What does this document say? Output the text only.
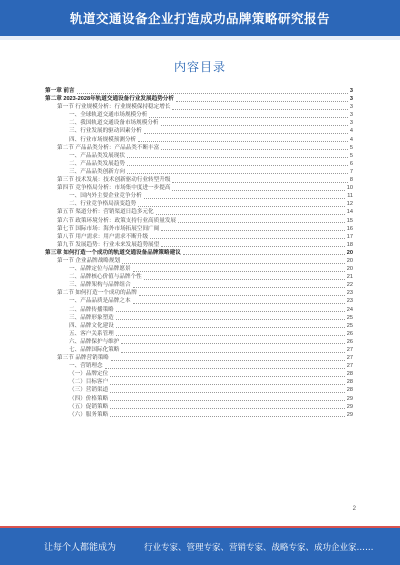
轨道交通设备企业打造成功品牌策略研究报告
内容目录
第一章 前言	3
第二章 2023-2028年轨道交通设备行业发展趋势分析	3
第一节 行业规模分析：行业规模保持稳定增长	3
一、全球轨道交通市场规模分析	3
二、我国轨道交通设备市场规模分析	3
三、行业发展的驱动因素分析	4
四、行业市场规模预测分析	4
第二节 产品品类分析：产品品类不断丰富	5
一、产品品类发展现状	5
二、产品品类发展趋势	6
三、产品品类创新方向	7
第三节 技术发展：技术创新驱动行业转型升级	8
第四节 竞争格局分析：市场集中度进一步提高	10
一、国内外主要企业竞争分析	11
二、行业竞争格局演变趋势	12
第五节 渠道分析：营销渠道日趋多元化	14
第六节 政策环境分析：政策支持行业高质量发展	15
第七节 国际市场：海外市场拓展空间广阔	16
第八节 用户需求：用户需求不断升级	17
第九节 发展趋势：行业未来发展趋势展望	18
第三章 如何打造一个成功的轨道交通设备品牌策略建议	20
第一节 企业品牌战略规划	20
一、品牌定位与品牌愿景	20
二、品牌核心价值与品牌个性	21
三、品牌架构与品牌组合	22
第二节 如何打造一个成功的品牌	23
一、产品品质是品牌之本	23
二、品牌传播策略	24
三、品牌形象塑造	25
四、品牌文化建设	25
五、客户关系管理	26
六、品牌保护与维护	26
七、品牌国际化策略	27
第三节 品牌营销策略	27
一、营销理念	27
（一）品牌定位	28
（二）目标客户	28
（三）营销渠道	28
（四）价格策略	29
（五）促销策略	29
（六）服务策略	29
2
让每个人都能成为	行业专家、管理专家、营销专家、战略专家、成功企业家……
